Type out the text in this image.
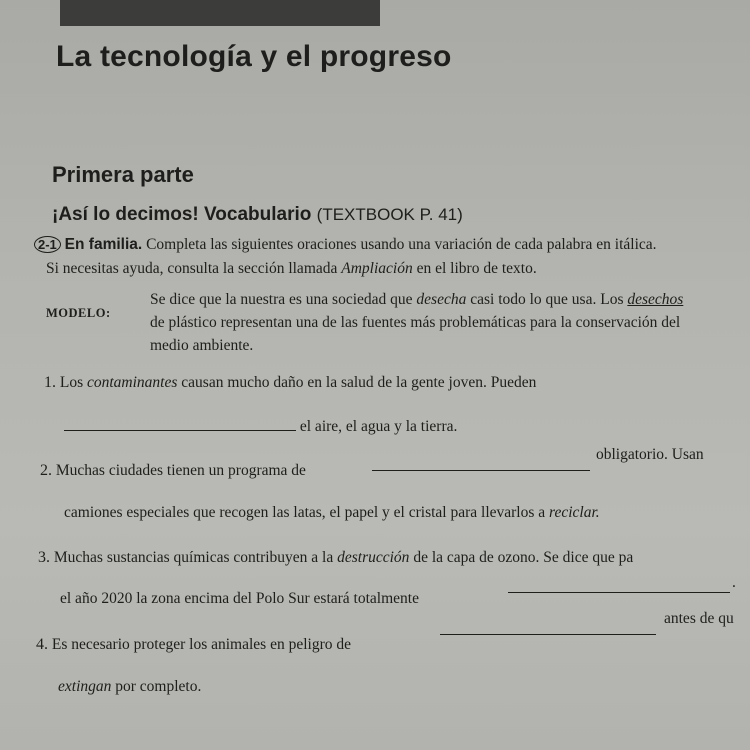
La tecnología y el progreso
Primera parte
¡Así lo decimos! Vocabulario (TEXTBOOK P. 41)
2-1 En familia. Completa las siguientes oraciones usando una variación de cada palabra en itálica.
Si necesitas ayuda, consulta la sección llamada Ampliación en el libro de texto.
MODELO:
Se dice que la nuestra es una sociedad que desecha casi todo lo que usa. Los desechos
de plástico representan una de las fuentes más problemáticas para la conservación del
medio ambiente.
1. Los contaminantes causan mucho daño en la salud de la gente joven. Pueden
el aire, el agua y la tierra.
2. Muchas ciudades tienen un programa de
obligatorio. Usan
camiones especiales que recogen las latas, el papel y el cristal para llevarlos a reciclar.
3. Muchas sustancias químicas contribuyen a la destrucción de la capa de ozono. Se dice que pa
el año 2020 la zona encima del Polo Sur estará totalmente
.
4. Es necesario proteger los animales en peligro de
antes de qu
extingan por completo.
